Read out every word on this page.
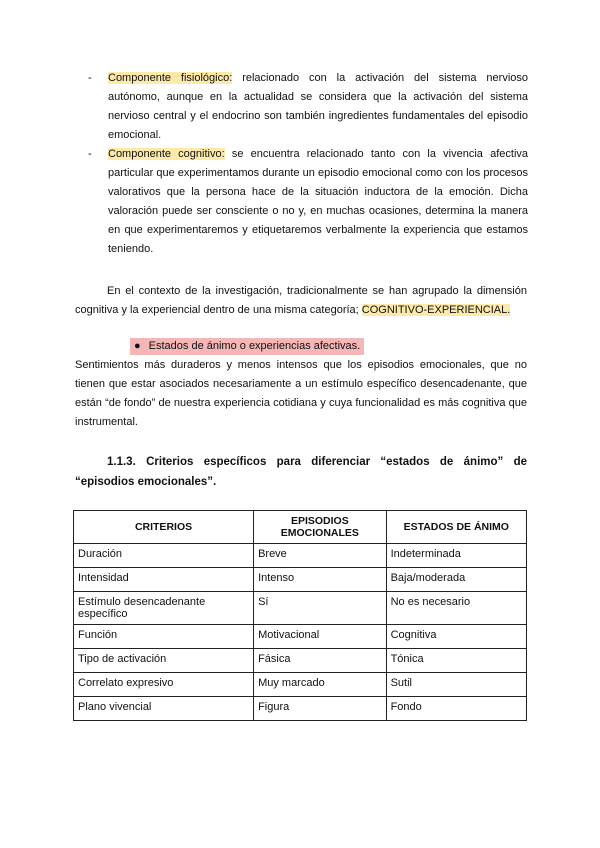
- Componente fisiológico: relacionado con la activación del sistema nervioso autónomo, aunque en la actualidad se considera que la activación del sistema nervioso central y el endocrino son también ingredientes fundamentales del episodio emocional.
- Componente cognitivo: se encuentra relacionado tanto con la vivencia afectiva particular que experimentamos durante un episodio emocional como con los procesos valorativos que la persona hace de la situación inductora de la emoción. Dicha valoración puede ser consciente o no y, en muchas ocasiones, determina la manera en que experimentaremos y etiquetaremos verbalmente la experiencia que estamos teniendo.

En el contexto de la investigación, tradicionalmente se han agrupado la dimensión cognitiva y la experiencial dentro de una misma categoría; COGNITIVO-EXPERIENCIAL.

● Estados de ánimo o experiencias afectivas.

Sentimientos más duraderos y menos intensos que los episodios emocionales, que no tienen que estar asociados necesariamente a un estímulo específico desencadenante, que están “de fondo” de nuestra experiencia cotidiana y cuya funcionalidad es más cognitiva que instrumental.

1.1.3. Criterios específicos para diferenciar “estados de ánimo” de “episodios emocionales”.

CRITERIOS	EPISODIOS EMOCIONALES	ESTADOS DE ÁNIMO
Duración	Breve	Indeterminada
Intensidad	Intenso	Baja/moderada
Estímulo desencadenante específico	Sí	No es necesario
Función	Motivacional	Cognitiva
Tipo de activación	Fásica	Tónica
Correlato expresivo	Muy marcado	Sutil
Plano vivencial	Figura	Fondo
